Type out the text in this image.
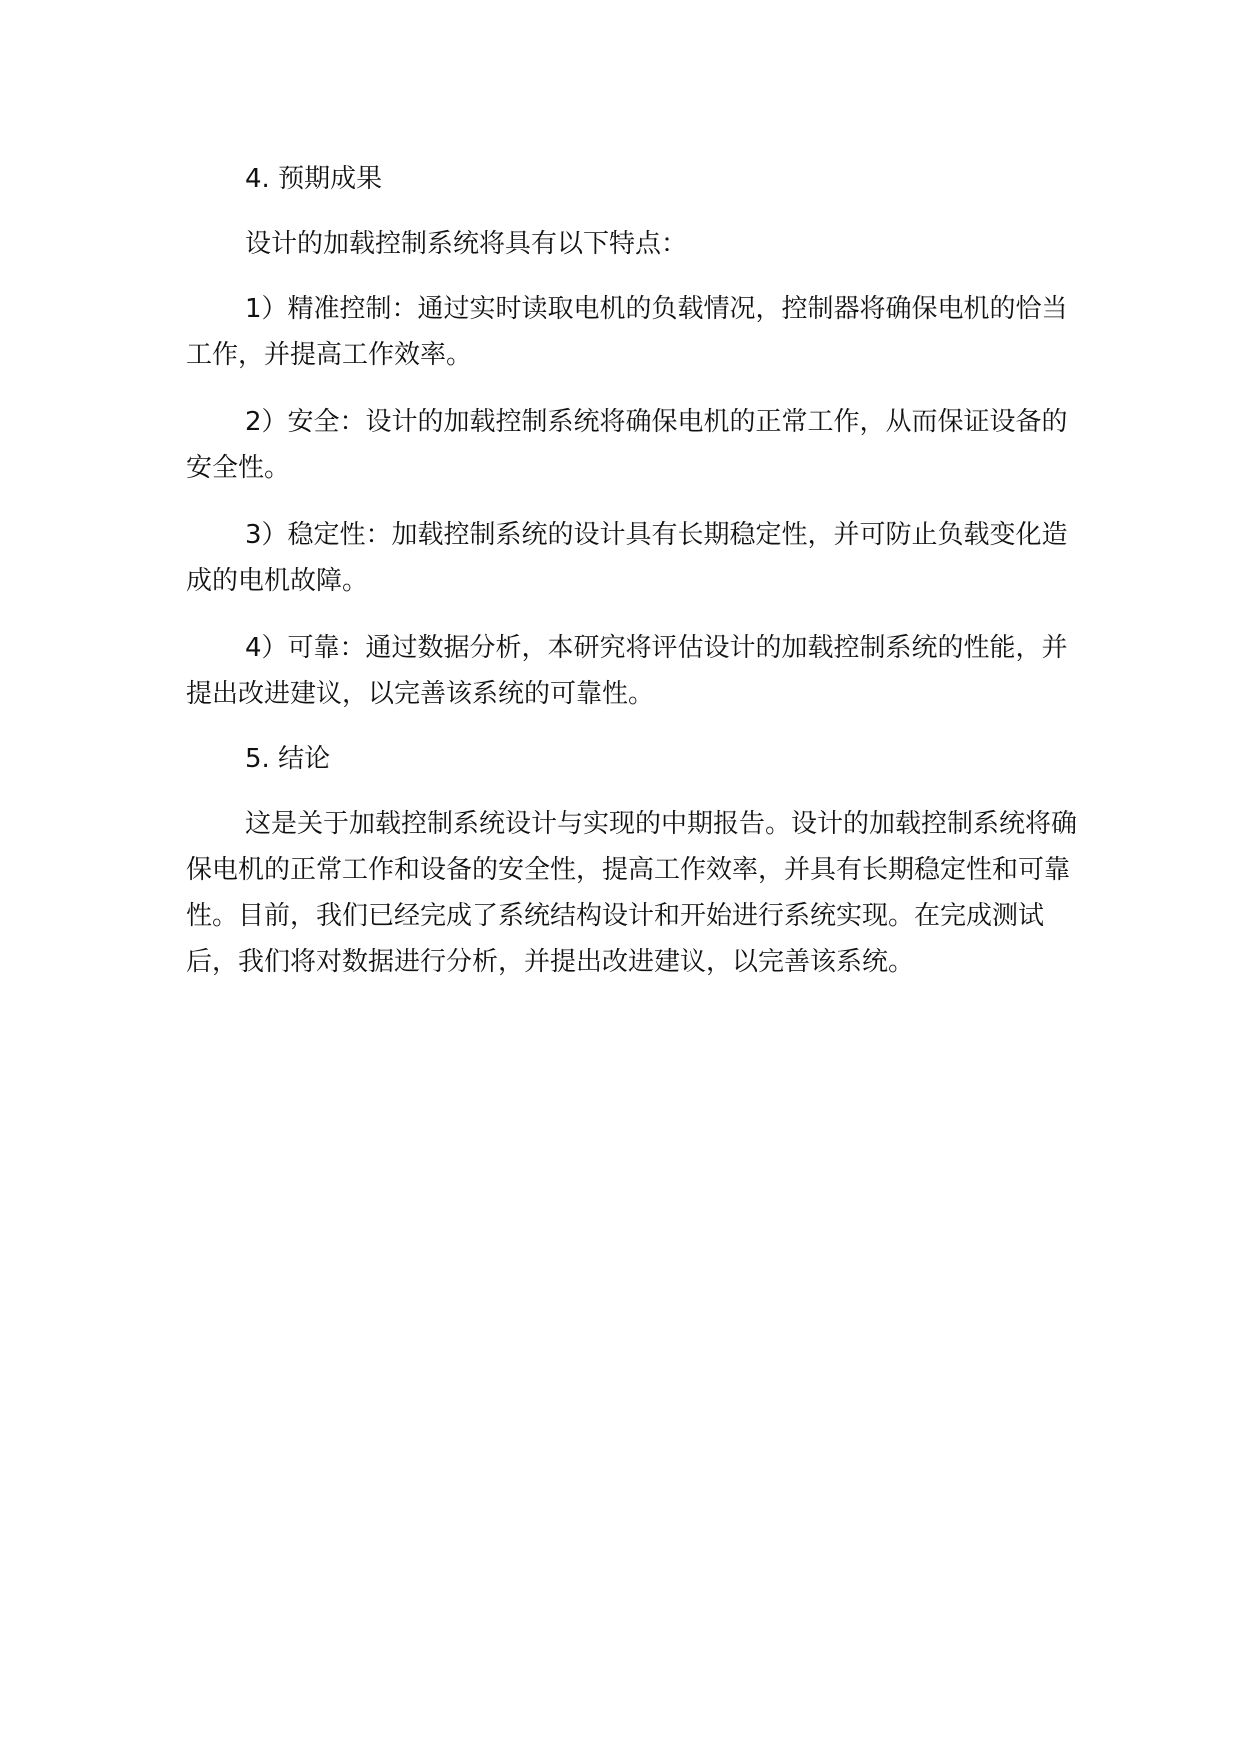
4. 预期成果

设计的加载控制系统将具有以下特点：

1）精准控制：通过实时读取电机的负载情况，控制器将确保电机的恰当工作，并提高工作效率。

2）安全：设计的加载控制系统将确保电机的正常工作，从而保证设备的安全性。

3）稳定性：加载控制系统的设计具有长期稳定性，并可防止负载变化造成的电机故障。

4）可靠：通过数据分析，本研究将评估设计的加载控制系统的性能，并提出改进建议，以完善该系统的可靠性。

5. 结论

这是关于加载控制系统设计与实现的中期报告。设计的加载控制系统将确保电机的正常工作和设备的安全性，提高工作效率，并具有长期稳定性和可靠性。目前，我们已经完成了系统结构设计和开始进行系统实现。在完成测试后，我们将对数据进行分析，并提出改进建议，以完善该系统。
